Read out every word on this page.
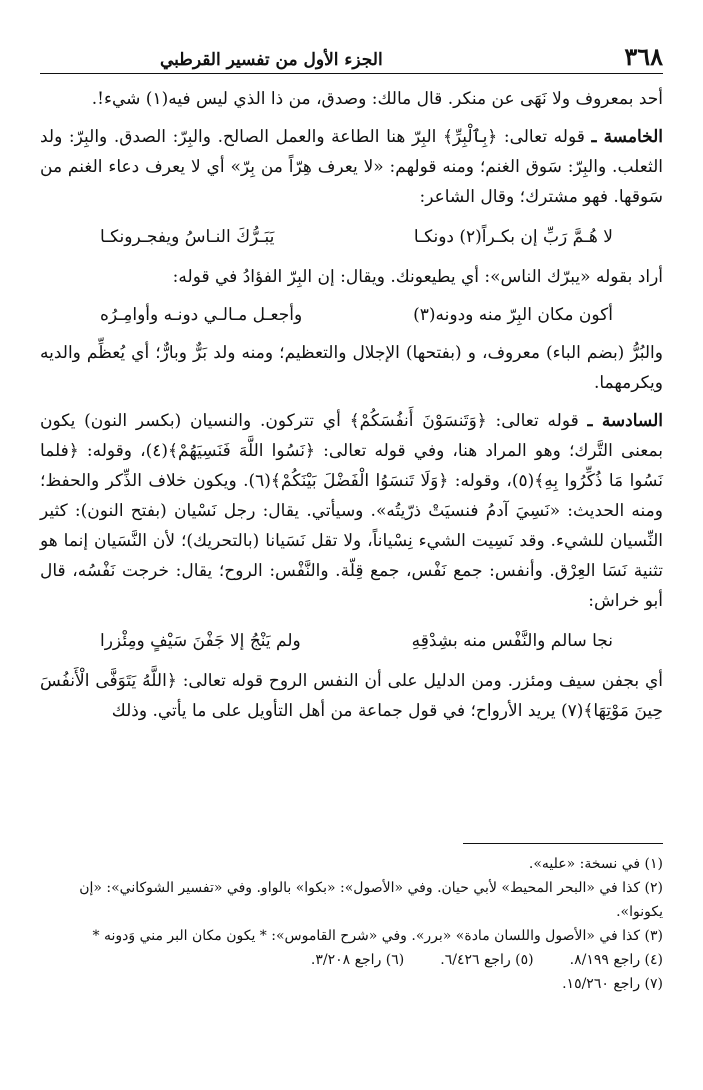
٣٦٨
الجزء الأول من تفسير القرطبي

أحد بمعروف ولا نَهَى عن منكر. قال مالك: وصدق، من ذا الذي ليس فيه(١) شيء!.

الخامسة ـ قوله تعالى: ﴿بِٱلْبِرِّ﴾ البِرّ هنا الطاعة والعمل الصالح. والبِرّ: الصدق. والبِرّ: ولد الثعلب. والبِرّ: سَوق الغنم؛ ومنه قولهم: «لا يعرف هِرّاً من بِرّ» أي لا يعرف دعاء الغنم من سَوقها. فهو مشترك؛ وقال الشاعر:

لا هُـمَّ رَبِّ إن بكـراً(٢) دونكـا
يَبَـرُّكَ النـاسُ ويفجـرونكـا

أراد بقوله «يبرّك الناس»: أي يطيعونك. ويقال: إن البِرّ الفؤادُ في قوله:

أكون مكان البِرّ منه ودونه(٣)
وأجعـل مـالـي دونـه وأوامِـرُه

والبُرُّ (بضم الباء) معروف، و (بفتحها) الإجلال والتعظيم؛ ومنه ولد بَرٌّ وبارٌّ؛ أي يُعظِّم والديه ويكرمهما.

السادسة ـ قوله تعالى: ﴿وَتَنسَوْنَ أَنفُسَكُمْ﴾ أي تتركون. والنسيان (بكسر النون) يكون بمعنى التَّرك؛ وهو المراد هنا، وفي قوله تعالى: ﴿نَسُوا اللَّهَ فَنَسِيَهُمْ﴾(٤)، وقوله: ﴿فلما نَسُوا مَا ذُكِّرُوا بِهِ﴾(٥)، وقوله: ﴿وَلَا تَنسَوُا الْفَضْلَ بَيْنَكُمْ﴾(٦). ويكون خلاف الذِّكر والحفظ؛ ومنه الحديث: «نَسِيَ آدمُ فنسيَتْ ذرّيتُه». وسيأتي. يقال: رجل نَسْيان (بفتح النون): كثير النِّسيان للشيء. وقد نَسِيت الشيء نِسْياناً، ولا تقل نَسَيانا (بالتحريك)؛ لأن النَّسَيان إنما هو تثنية نَسَا العِرْق. وأنفس: جمع نَفْس، جمع قِلّة. والنَّفْس: الروح؛ يقال: خرجت نَفْسُه، قال أبو خراش:

نجا سالم والنَّفْس منه بشِدْقِهِ
ولم يَنْجُ إلا جَفْنَ سَيْفٍ ومِئْزرا

أي بجفن سيف ومئزر. ومن الدليل على أن النفس الروح قوله تعالى: ﴿اللَّهُ يَتَوَفَّى الْأَنفُسَ حِينَ مَوْتِهَا﴾(٧) يريد الأرواح؛ في قول جماعة من أهل التأويل على ما يأتي. وذلك

(١) في نسخة: «عليه».

(٢) كذا في «البحر المحيط» لأبي حيان. وفي «الأصول»: «بكوا» بالواو. وفي «تفسير الشوكاني»: «إن يكونوا».

(٣) كذا في «الأصول واللسان مادة» «برر». وفي «شرح القاموس»: * يكون مكان البر مني وَدونه *

(٤) راجع ٨/١٩٩.
(٥) راجع ٦/٤٢٦.
(٦) راجع ٣/٢٠٨.

(٧) راجع ١٥/٢٦٠.
